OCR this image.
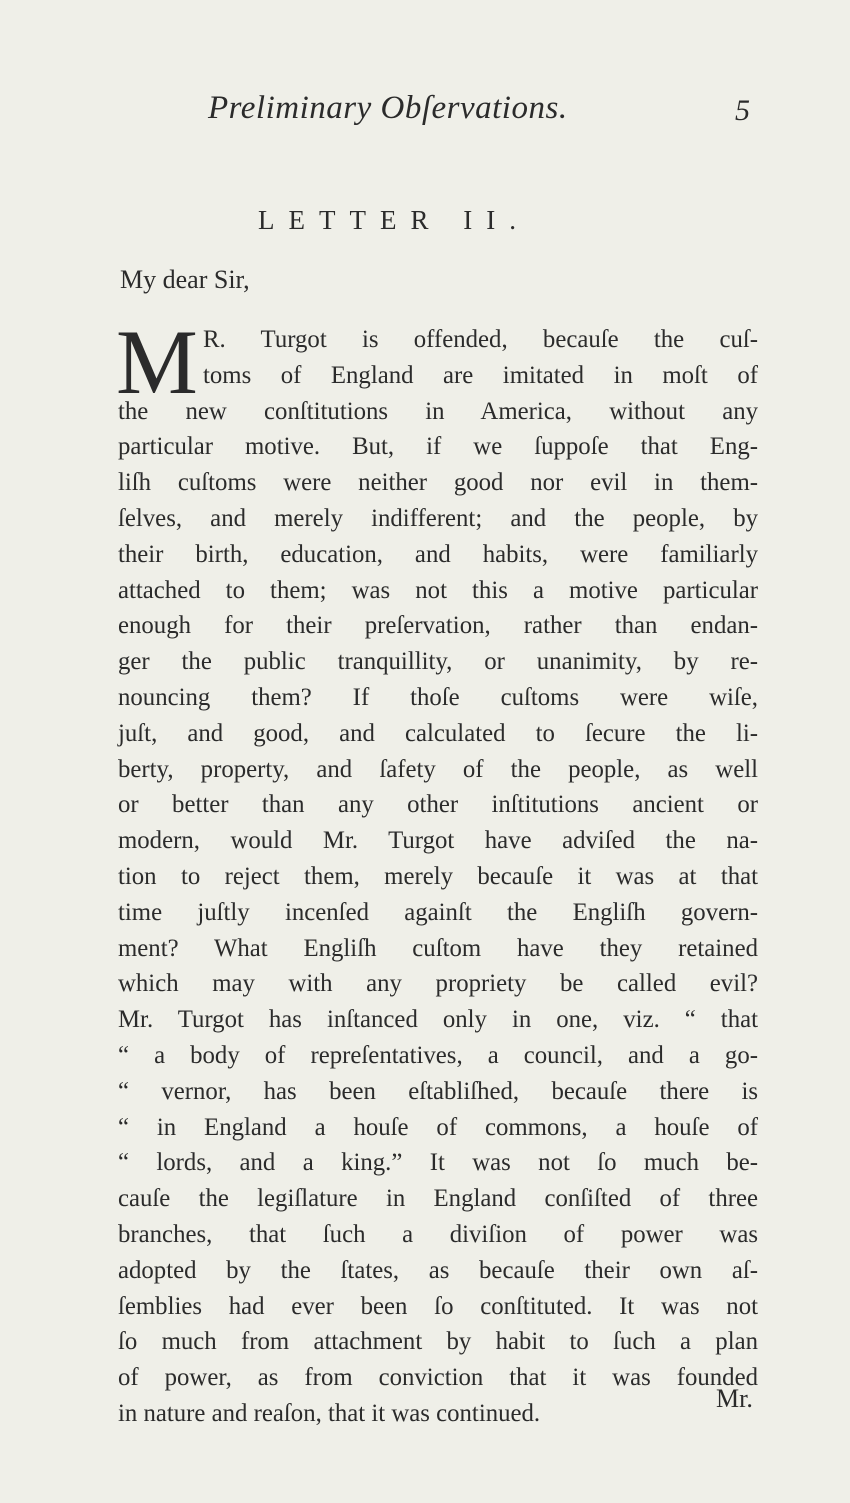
Preliminary Obſervations.	5
LETTER II.
My dear Sir,
M R. Turgot is offended, becauſe the cuſ-
toms of England are imitated in moſt of
the new conſtitutions in America, without any
particular motive. But, if we ſuppoſe that Eng-
liſh cuſtoms were neither good nor evil in them-
ſelves, and merely indifferent; and the people, by
their birth, education, and habits, were familiarly
attached to them; was not this a motive particular
enough for their preſervation, rather than endan-
ger the public tranquillity, or unanimity, by re-
nouncing them? If thoſe cuſtoms were wiſe,
juſt, and good, and calculated to ſecure the li-
berty, property, and ſafety of the people, as well
or better than any other inſtitutions ancient or
modern, would Mr. Turgot have adviſed the na-
tion to reject them, merely becauſe it was at that
time juſtly incenſed againſt the Engliſh govern-
ment? What Engliſh cuſtom have they retained
which may with any propriety be called evil?
Mr. Turgot has inſtanced only in one, viz. “ that
“ a body of repreſentatives, a council, and a go-
“ vernor, has been eſtabliſhed, becauſe there is
“ in England a houſe of commons, a houſe of
“ lords, and a king.” It was not ſo much be-
cauſe the legiſlature in England conſiſted of three
branches, that ſuch a diviſion of power was
adopted by the ſtates, as becauſe their own aſ-
ſemblies had ever been ſo conſtituted. It was not
ſo much from attachment by habit to ſuch a plan
of power, as from conviction that it was founded
in nature and reaſon, that it was continued.
Mr.
